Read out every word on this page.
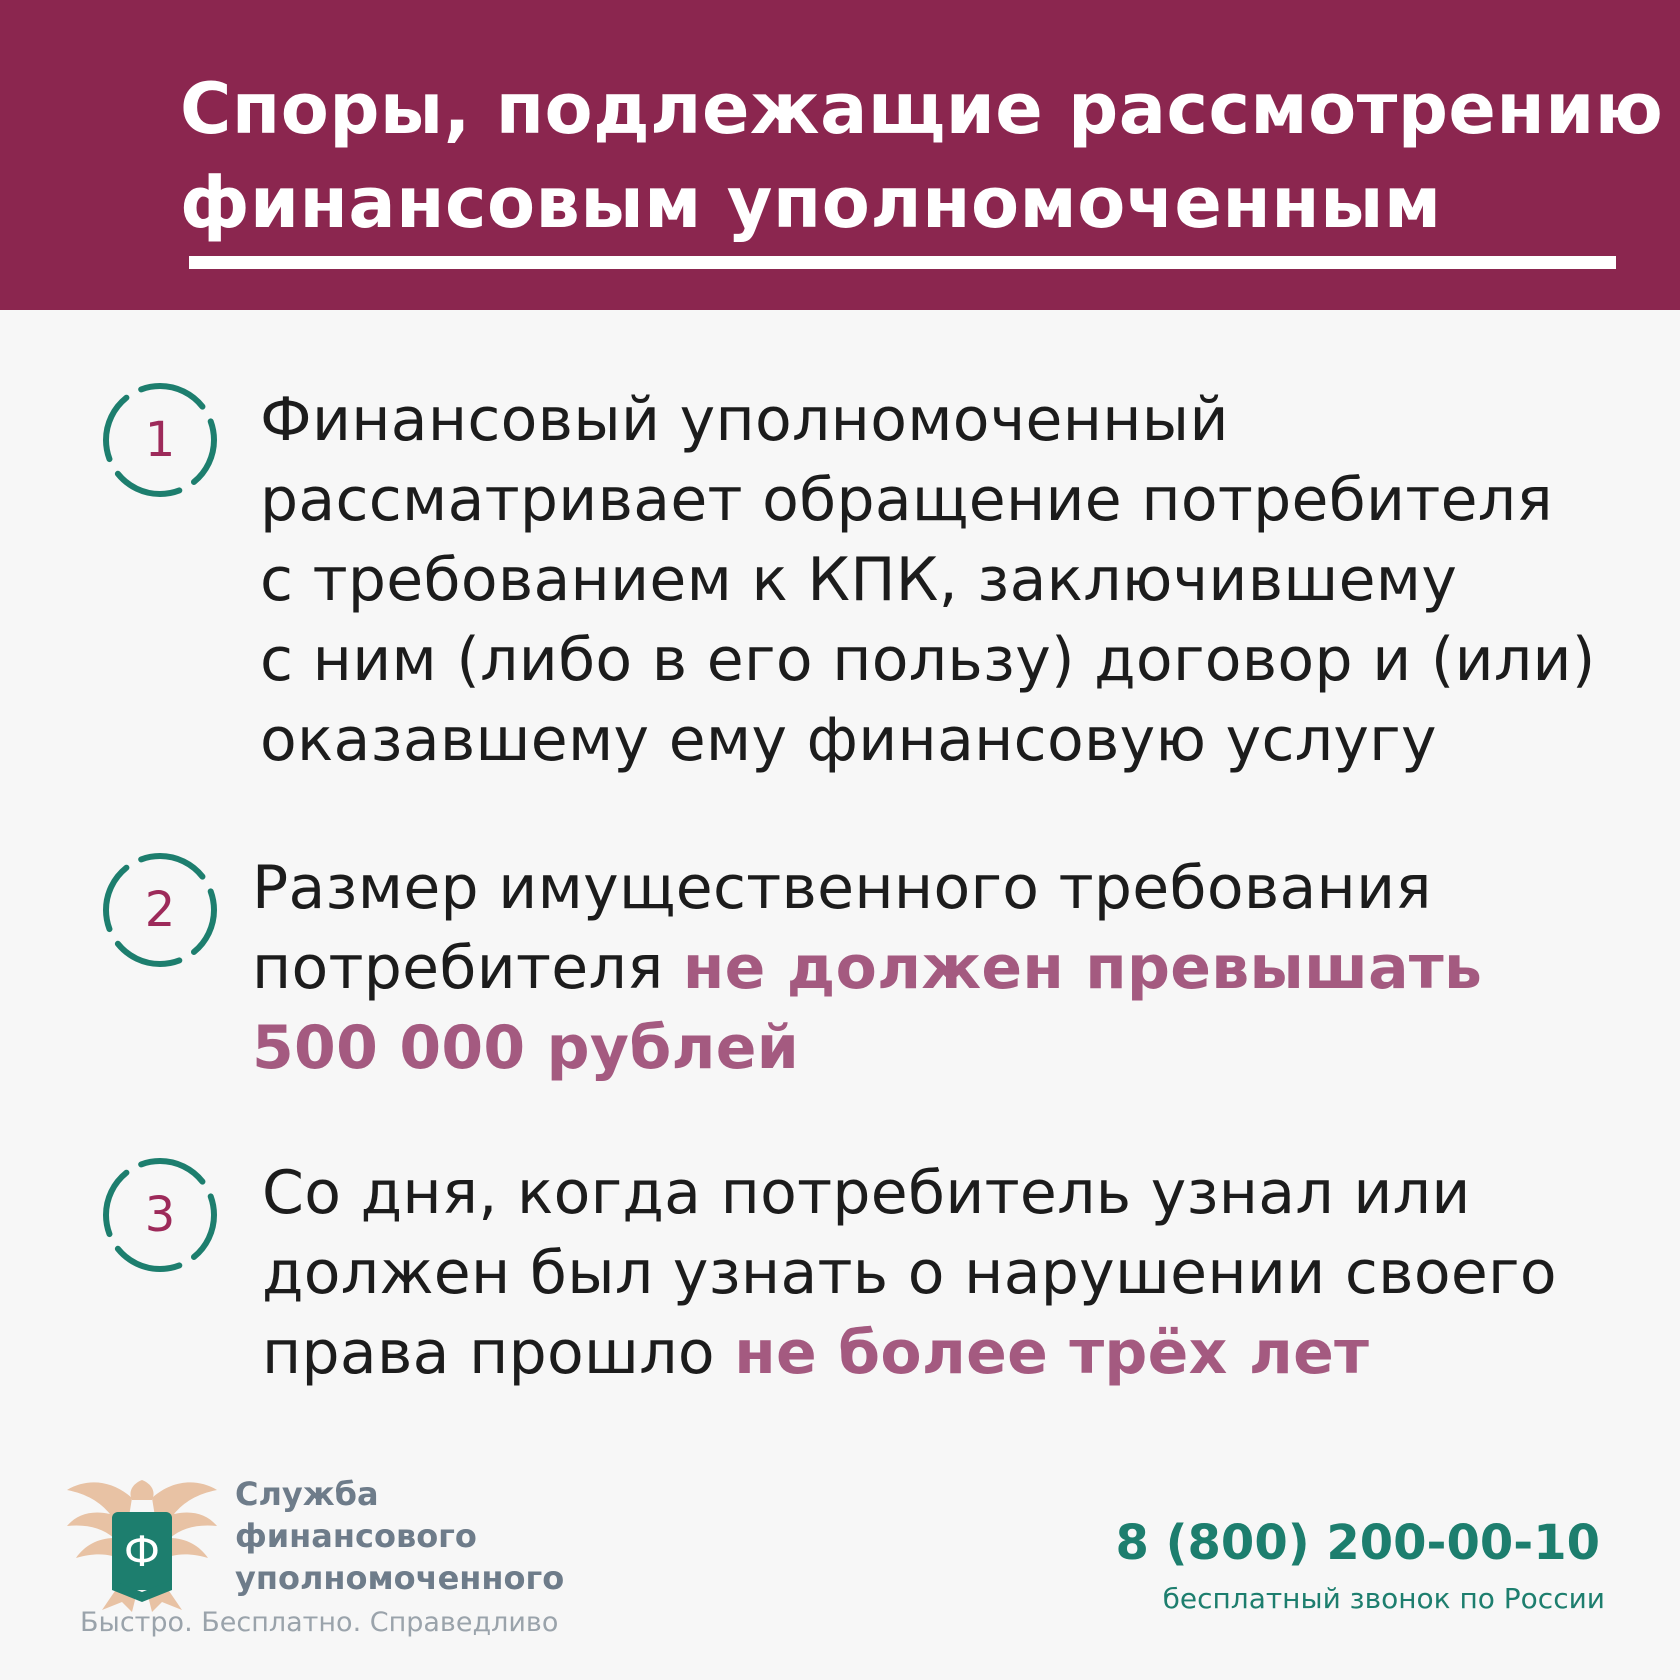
Споры, подлежащие рассмотрению
финансовым уполномоченным
1	Финансовый уполномоченный
рассматривает обращение потребителя
с требованием к КПК, заключившему
с ним (либо в его пользу) договор и (или)
оказавшему ему финансовую услугу
2	Размер имущественного требования
потребителя не должен превышать
500 000 рублей
3	Со дня, когда потребитель узнал или
должен был узнать о нарушении своего
права прошло не более трёх лет
Ф
Служба
финансового
уполномоченного
Быстро. Бесплатно. Справедливо
8 (800) 200-00-10
бесплатный звонок по России
